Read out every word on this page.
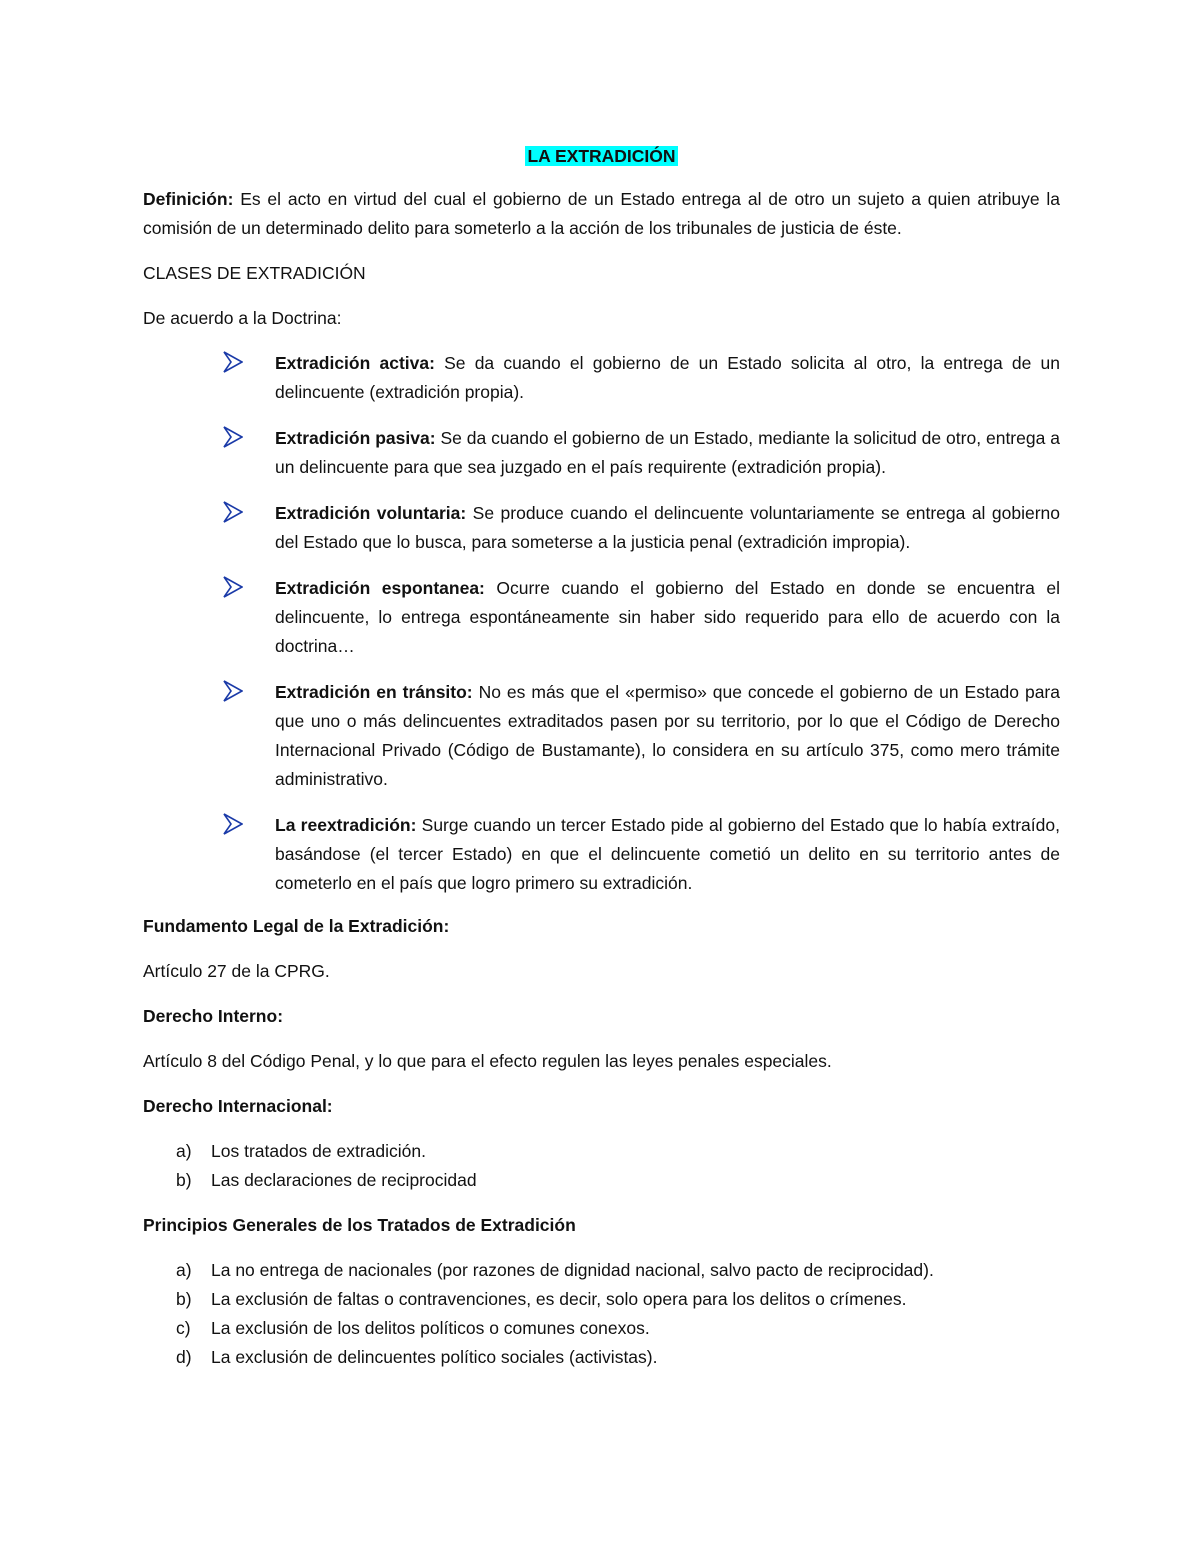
LA EXTRADICIÓN

Definición: Es el acto en virtud del cual el gobierno de un Estado entrega al de otro un sujeto a quien atribuye la comisión de un determinado delito para someterlo a la acción de los tribunales de justicia de éste.

CLASES DE EXTRADICIÓN

De acuerdo a la Doctrina:

Extradición activa: Se da cuando el gobierno de un Estado solicita al otro, la entrega de un delincuente (extradición propia).
Extradición pasiva: Se da cuando el gobierno de un Estado, mediante la solicitud de otro, entrega a un delincuente para que sea juzgado en el país requirente (extradición propia).
Extradición voluntaria: Se produce cuando el delincuente voluntariamente se entrega al gobierno del Estado que lo busca, para someterse a la justicia penal (extradición impropia).
Extradición espontanea: Ocurre cuando el gobierno del Estado en donde se encuentra el delincuente, lo entrega espontáneamente sin haber sido requerido para ello de acuerdo con la doctrina…
Extradición en tránsito: No es más que el «permiso» que concede el gobierno de un Estado para que uno o más delincuentes extraditados pasen por su territorio, por lo que el Código de Derecho Internacional Privado (Código de Bustamante), lo considera en su artículo 375, como mero trámite administrativo.
La reextradición: Surge cuando un tercer Estado pide al gobierno del Estado que lo había extraído, basándose (el tercer Estado) en que el delincuente cometió un delito en su territorio antes de cometerlo en el país que logro primero su extradición.

Fundamento Legal de la Extradición:

Artículo 27 de la CPRG.

Derecho Interno:

Artículo 8 del Código Penal, y lo que para el efecto regulen las leyes penales especiales.

Derecho Internacional:

a) Los tratados de extradición.
b) Las declaraciones de reciprocidad

Principios Generales de los Tratados de Extradición

a) La no entrega de nacionales (por razones de dignidad nacional, salvo pacto de reciprocidad).
b) La exclusión de faltas o contravenciones, es decir, solo opera para los delitos o crímenes.
c) La exclusión de los delitos políticos o comunes conexos.
d) La exclusión de delincuentes político sociales (activistas).
